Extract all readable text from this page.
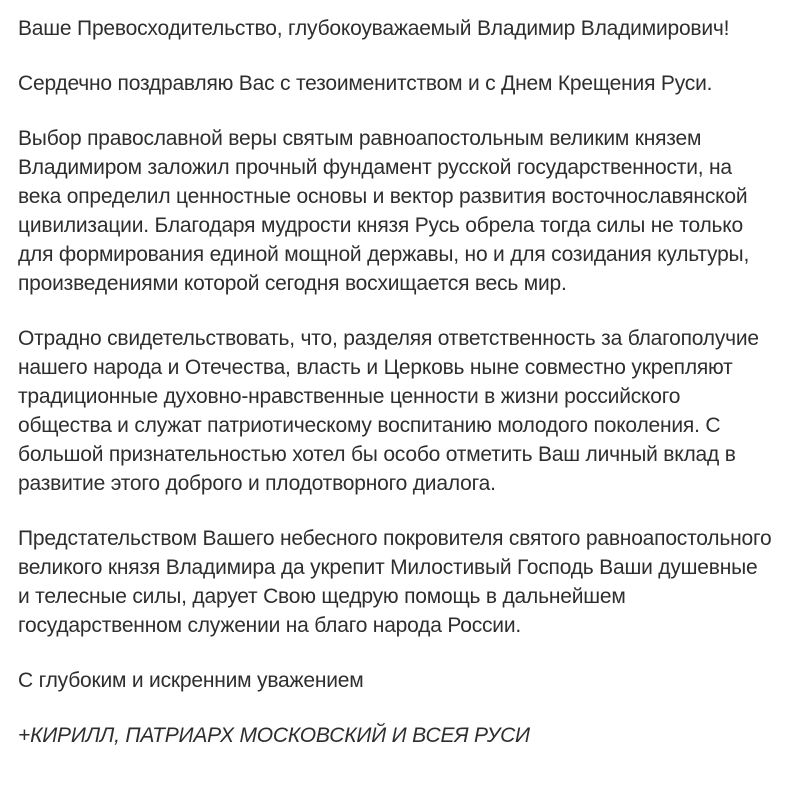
Ваше Превосходительство, глубокоуважаемый Владимир Владимирович!

Сердечно поздравляю Вас с тезоименитством и с Днем Крещения Руси.

Выбор православной веры святым равноапостольным великим князем Владимиром заложил прочный фундамент русской государственности, на века определил ценностные основы и вектор развития восточнославянской цивилизации. Благодаря мудрости князя Русь обрела тогда силы не только для формирования единой мощной державы, но и для созидания культуры, произведениями которой сегодня восхищается весь мир.

Отрадно свидетельствовать, что, разделяя ответственность за благополучие нашего народа и Отечества, власть и Церковь ныне совместно укрепляют традиционные духовно-нравственные ценности в жизни российского общества и служат патриотическому воспитанию молодого поколения. С большой признательностью хотел бы особо отметить Ваш личный вклад в развитие этого доброго и плодотворного диалога.

Предстательством Вашего небесного покровителя святого равноапостольного великого князя Владимира да укрепит Милостивый Господь Ваши душевные и телесные силы, дарует Свою щедрую помощь в дальнейшем государственном служении на благо народа России.

С глубоким и искренним уважением

+КИРИЛЛ, ПАТРИАРХ МОСКОВСКИЙ И ВСЕЯ РУСИ
